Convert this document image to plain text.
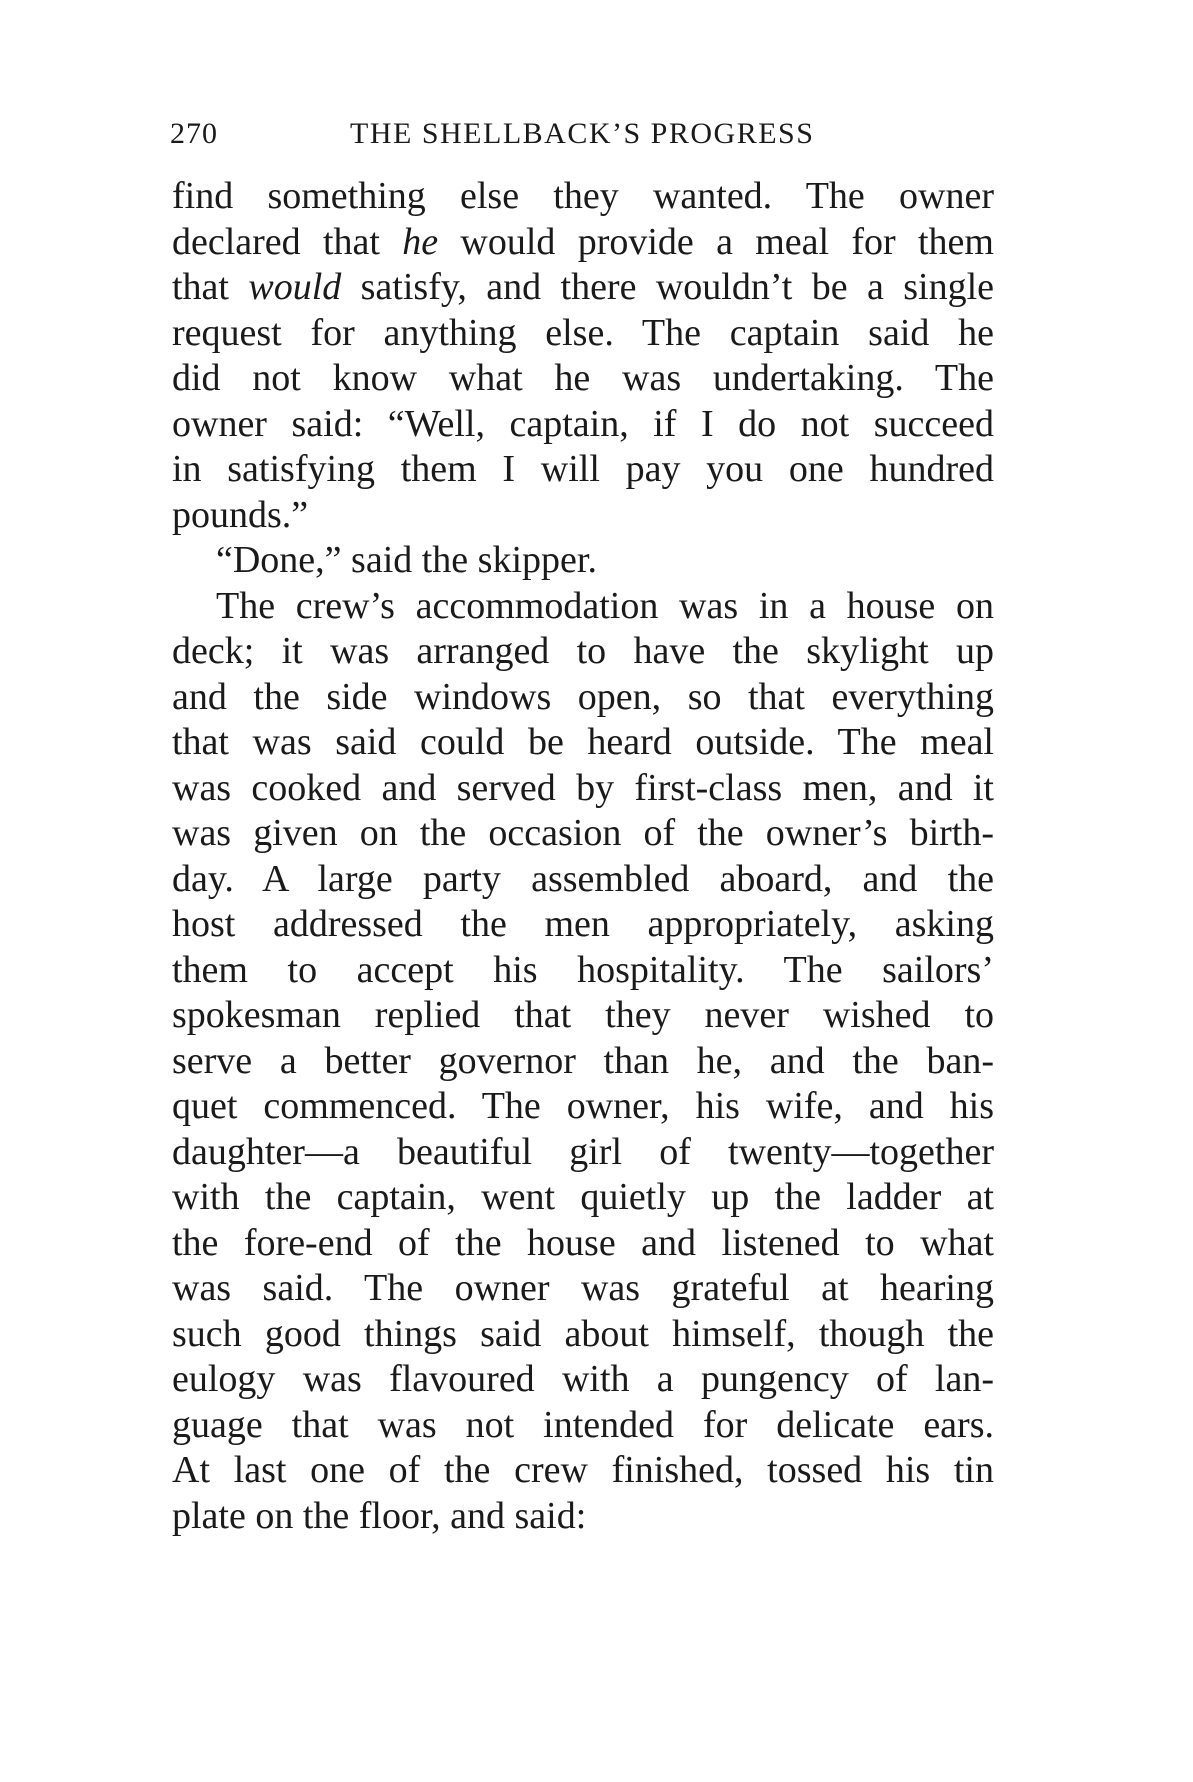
270	THE SHELLBACK’S PROGRESS
find something else they wanted. The owner
declared that he would provide a meal for them
that would satisfy, and there wouldn’t be a single
request for anything else. The captain said he
did not know what he was undertaking. The
owner said: “Well, captain, if I do not succeed
in satisfying them I will pay you one hundred
pounds.”
“Done,” said the skipper.
The crew’s accommodation was in a house on
deck; it was arranged to have the skylight up
and the side windows open, so that everything
that was said could be heard outside. The meal
was cooked and served by first-class men, and it
was given on the occasion of the owner’s birth-
day. A large party assembled aboard, and the
host addressed the men appropriately, asking
them to accept his hospitality. The sailors’
spokesman replied that they never wished to
serve a better governor than he, and the ban-
quet commenced. The owner, his wife, and his
daughter—a beautiful girl of twenty—together
with the captain, went quietly up the ladder at
the fore-end of the house and listened to what
was said. The owner was grateful at hearing
such good things said about himself, though the
eulogy was flavoured with a pungency of lan-
guage that was not intended for delicate ears.
At last one of the crew finished, tossed his tin
plate on the floor, and said:
